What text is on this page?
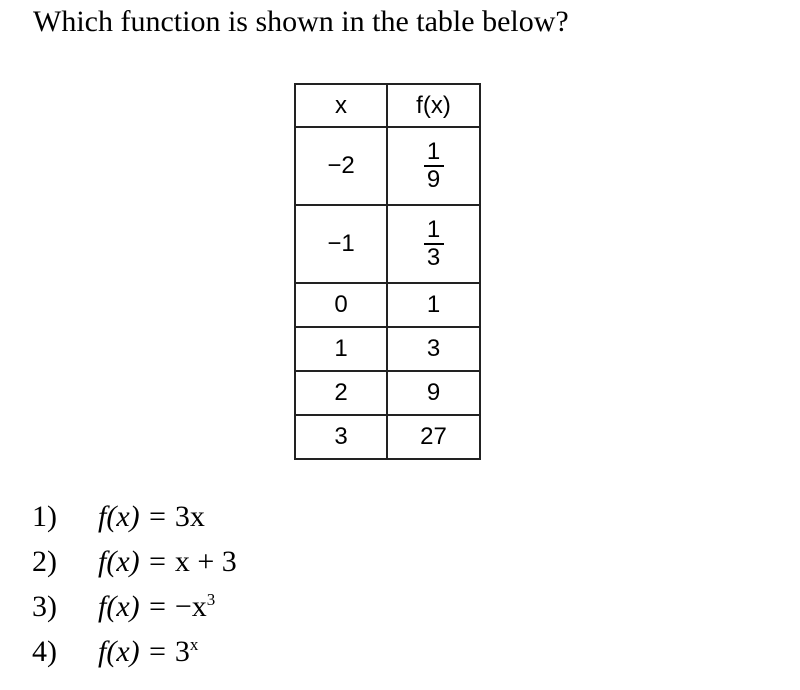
Which function is shown in the table below?
x	f(x)
−2	$\frac{1}{9}$

−1	$\frac{1}{3}$

0	1
1	3
2	9
3	27
1)	f(x) = 3x
2)	f(x) = x + 3
3)	$f(x) = -x^3$
4)	$f(x) = 3^x$
